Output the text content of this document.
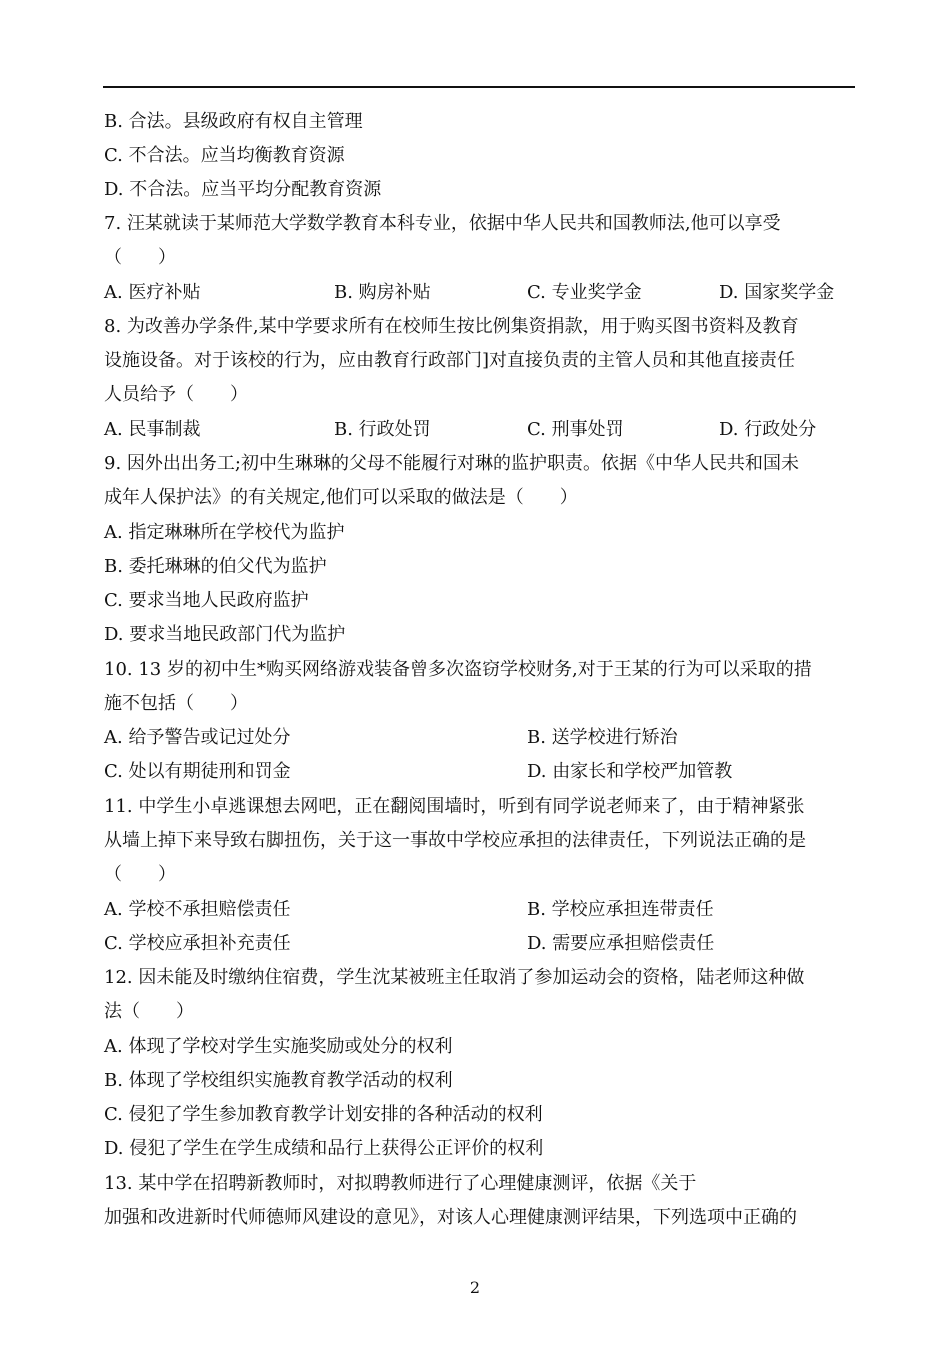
B. 合法。县级政府有权自主管理
C. 不合法。应当均衡教育资源
D. 不合法。应当平均分配教育资源
7. 汪某就读于某师范大学数学教育本科专业，依据中华人民共和国教师法,他可以享受
（　　）
A. 医疗补贴	B. 购房补贴	C. 专业奖学金	D. 国家奖学金
8. 为改善办学条件,某中学要求所有在校师生按比例集资捐款，用于购买图书资料及教育
设施设备。对于该校的行为，应由教育行政部门]对直接负责的主管人员和其他直接责任
人员给予（　　）
A. 民事制裁	B. 行政处罚	C. 刑事处罚	D. 行政处分
9. 因外出出务工;初中生琳琳的父母不能履行对琳的监护职责。依据《中华人民共和国未
成年人保护法》的有关规定,他们可以采取的做法是（　　）
A. 指定琳琳所在学校代为监护
B. 委托琳琳的伯父代为监护
C. 要求当地人民政府监护
D. 要求当地民政部门代为监护
10. 13 岁的初中生*购买网络游戏装备曾多次盗窃学校财务,对于王某的行为可以采取的措
施不包括（　　）
A. 给予警告或记过处分	B. 送学校进行矫治
C. 处以有期徒刑和罚金	D. 由家长和学校严加管教
11. 中学生小卓逃课想去网吧，正在翻阅围墙时，听到有同学说老师来了，由于精神紧张
从墙上掉下来导致右脚扭伤，关于这一事故中学校应承担的法律责任，下列说法正确的是
（　　）
A. 学校不承担赔偿责任	B. 学校应承担连带责任
C. 学校应承担补充责任	D. 需要应承担赔偿责任
12. 因未能及时缴纳住宿费，学生沈某被班主任取消了参加运动会的资格，陆老师这种做
法（　　）
A. 体现了学校对学生实施奖励或处分的权利
B. 体现了学校组织实施教育教学活动的权利
C. 侵犯了学生参加教育教学计划安排的各种活动的权利
D. 侵犯了学生在学生成绩和品行上获得公正评价的权利
13. 某中学在招聘新教师时，对拟聘教师进行了心理健康测评，依据《关于
加强和改进新时代师德师风建设的意见》，对该人心理健康测评结果，下列选项中正确的
2
